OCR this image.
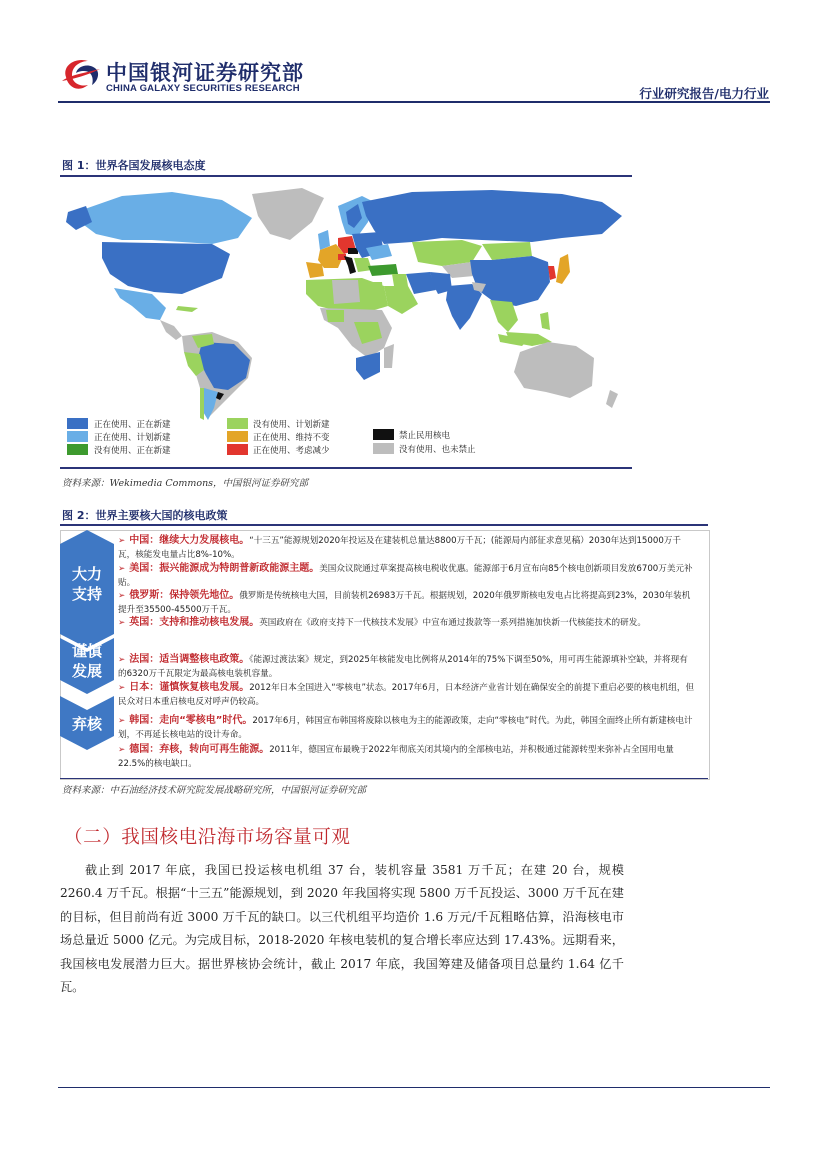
中国银河证券研究部
CHINA GALAXY SECURITIES RESEARCH	行业研究报告/电力行业
图 1：世界各国发展核电态度
正在使用、正在新建
正在使用、计划新建
没有使用、正在新建
没有使用、计划新建
正在使用、维持不变
正在使用、考虑减少
禁止民用核电
没有使用、也未禁止
资料来源：Wekimedia Commons，中国银河证券研究部
图 2：世界主要核大国的核电政策
大力
支持
谨慎
发展
弃核
➢ 中国：继续大力发展核电。“十三五”能源规划2020年投运及在建装机总量达8800万千瓦；(能源局内部征求意见稿）2030年达到15000万千瓦，核能发电量占比8%-10%。
➢ 美国：振兴能源成为特朗普新政能源主题。美国众议院通过草案提高核电税收优惠。能源部于6月宣布向85个核电创新项目发放6700万美元补贴。
➢ 俄罗斯：保持领先地位。俄罗斯是传统核电大国，目前装机26983万千瓦。根据规划，2020年俄罗斯核电发电占比将提高到23%，2030年装机提升至35500-45500万千瓦。
➢ 英国：支持和推动核电发展。英国政府在《政府支持下一代核技术发展》中宣布通过拨款等一系列措施加快新一代核能技术的研发。
➢ 法国：适当调整核电政策。《能源过渡法案》规定，到2025年核能发电比例将从2014年的75%下调至50%，用可再生能源填补空缺，并将现有的6320万千瓦限定为最高核电装机容量。
➢ 日本：谨慎恢复核电发展。2012年日本全国进入“零核电”状态。2017年6月，日本经济产业省计划在确保安全的前提下重启必要的核电机组，但民众对日本重启核电反对呼声仍较高。
➢ 韩国：走向“零核电”时代。2017年6月，韩国宣布韩国将废除以核电为主的能源政策，走向“零核电”时代。为此，韩国全面终止所有新建核电计划，不再延长核电站的设计寿命。
➢ 德国：弃核，转向可再生能源。2011年，德国宣布最晚于2022年彻底关闭其境内的全部核电站，并积极通过能源转型来弥补占全国用电量22.5%的核电缺口。
资料来源：中石油经济技术研究院发展战略研究所，中国银河证券研究部
（二）我国核电沿海市场容量可观
截止到 2017 年底，我国已投运核电机组 37 台，装机容量 3581 万千瓦；在建 20 台，规模 2260.4 万千瓦。根据“十三五”能源规划，到 2020 年我国将实现 5800 万千瓦投运、3000 万千瓦在建的目标，但目前尚有近 3000 万千瓦的缺口。以三代机组平均造价 1.6 万元/千瓦粗略估算，沿海核电市场总量近 5000 亿元。为完成目标，2018-2020 年核电装机的复合增长率应达到 17.43%。远期看来，我国核电发展潜力巨大。据世界核协会统计，截止 2017 年底，我国筹建及储备项目总量约 1.64 亿千瓦。
